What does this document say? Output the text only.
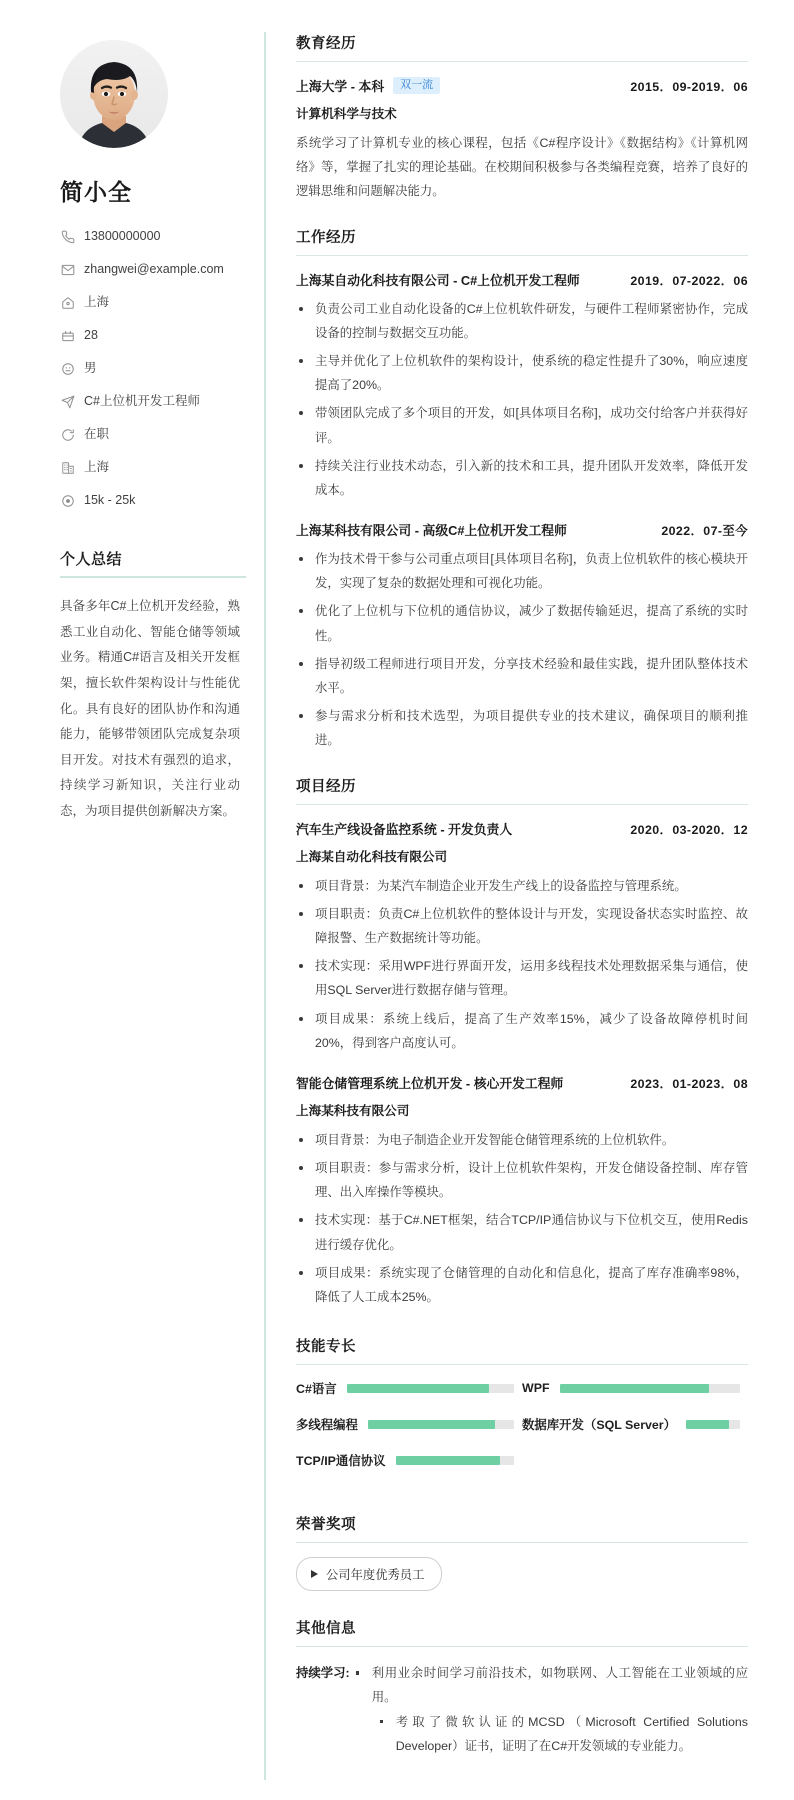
简小全
13800000000
zhangwei@example.com
上海
28
男
C#上位机开发工程师
在职
上海
15k - 25k
个人总结
具备多年C#上位机开发经验，熟悉工业自动化、智能仓储等领域业务。精通C#语言及相关开发框架，擅长软件架构设计与性能优化。具有良好的团队协作和沟通能力，能够带领团队完成复杂项目开发。对技术有强烈的追求，持续学习新知识，关注行业动态，为项目提供创新解决方案。
教育经历
上海大学 - 本科	双一流	2015．09-2019．06
计算机科学与技术

系统学习了计算机专业的核心课程，包括《C#程序设计》《数据结构》《计算机网络》等，掌握了扎实的理论基础。在校期间积极参与各类编程竞赛，培养了良好的逻辑思维和问题解决能力。

工作经历
上海某自动化科技有限公司 - C#上位机开发工程师	2019．07-2022．06
负责公司工业自动化设备的C#上位机软件研发，与硬件工程师紧密协作，完成设备的控制与数据交互功能。
主导并优化了上位机软件的架构设计，使系统的稳定性提升了30%，响应速度提高了20%。
带领团队完成了多个项目的开发，如[具体项目名称]，成功交付给客户并获得好评。
持续关注行业技术动态，引入新的技术和工具，提升团队开发效率，降低开发成本。
上海某科技有限公司 - 高级C#上位机开发工程师	2022．07-至今
作为技术骨干参与公司重点项目[具体项目名称]，负责上位机软件的核心模块开发，实现了复杂的数据处理和可视化功能。
优化了上位机与下位机的通信协议，减少了数据传输延迟，提高了系统的实时性。
指导初级工程师进行项目开发，分享技术经验和最佳实践，提升团队整体技术水平。
参与需求分析和技术选型，为项目提供专业的技术建议，确保项目的顺利推进。
项目经历
汽车生产线设备监控系统 - 开发负责人	2020．03-2020．12
上海某自动化科技有限公司
项目背景：为某汽车制造企业开发生产线上的设备监控与管理系统。
项目职责：负责C#上位机软件的整体设计与开发，实现设备状态实时监控、故障报警、生产数据统计等功能。
技术实现：采用WPF进行界面开发，运用多线程技术处理数据采集与通信，使用SQL Server进行数据存储与管理。
项目成果：系统上线后，提高了生产效率15%，减少了设备故障停机时间20%，得到客户高度认可。
智能仓储管理系统上位机开发 - 核心开发工程师	2023．01-2023．08
上海某科技有限公司
项目背景：为电子制造企业开发智能仓储管理系统的上位机软件。
项目职责：参与需求分析，设计上位机软件架构，开发仓储设备控制、库存管理、出入库操作等模块。
技术实现：基于C#.NET框架，结合TCP/IP通信协议与下位机交互，使用Redis进行缓存优化。
项目成果：系统实现了仓储管理的自动化和信息化，提高了库存准确率98%，降低了人工成本25%。
技能专长
C#语言	WPF
多线程编程	数据库开发（SQL Server）
TCP/IP通信协议
荣誉奖项
公司年度优秀员工
其他信息
持续学习:	利用业余时间学习前沿技术，如物联网、人工智能在工业领域的应用。
考取了微软认证的MCSD（Microsoft Certified Solutions Developer）证书，证明了在C#开发领域的专业能力。
